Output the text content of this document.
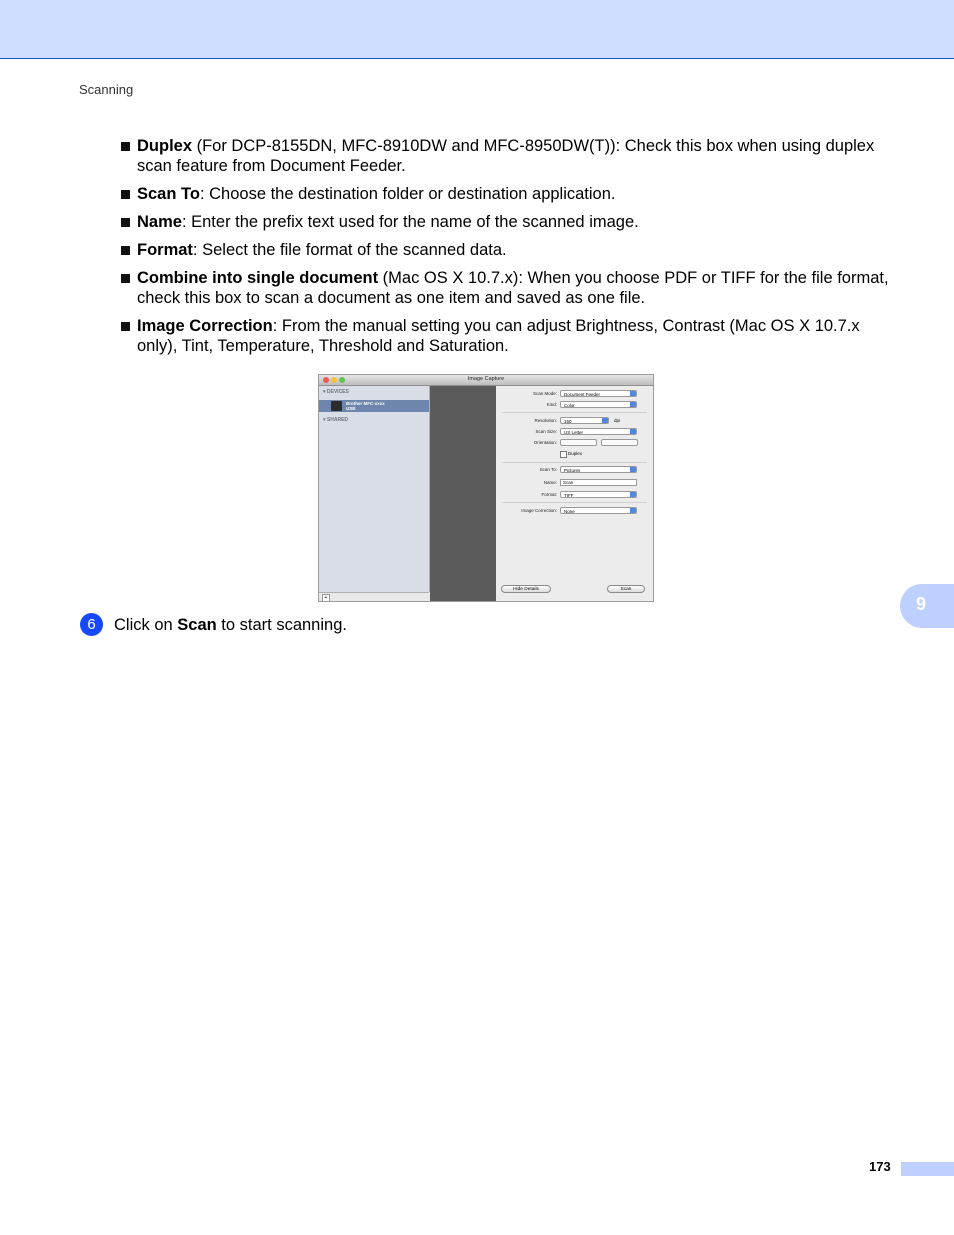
Scanning
Duplex (For DCP-8155DN, MFC-8910DW and MFC-8950DW(T)): Check this box when using duplex scan feature from Document Feeder.
Scan To: Choose the destination folder or destination application.
Name: Enter the prefix text used for the name of the scanned image.
Format: Select the file format of the scanned data.
Combine into single document (Mac OS X 10.7.x): When you choose PDF or TIFF for the file format, check this box to scan a document as one item and saved as one file.
Image Correction: From the manual setting you can adjust Brightness, Contrast (Mac OS X 10.7.x only), Tint, Temperature, Threshold and Saturation.
Image Capture
▾ DEVICES
Brother MFC-xxxx
USB
▾ SHARED
+
Scan Mode:	Document Feeder
Kind:	Color
Resolution:	150	dpi
Scan Size:	US Letter
Orientation:
Duplex
Scan To:	Pictures
Name:	Scan
Format:	TIFF
Image Correction:	None
Hide Details	Scan
6	Click on Scan to start scanning.
9
173
